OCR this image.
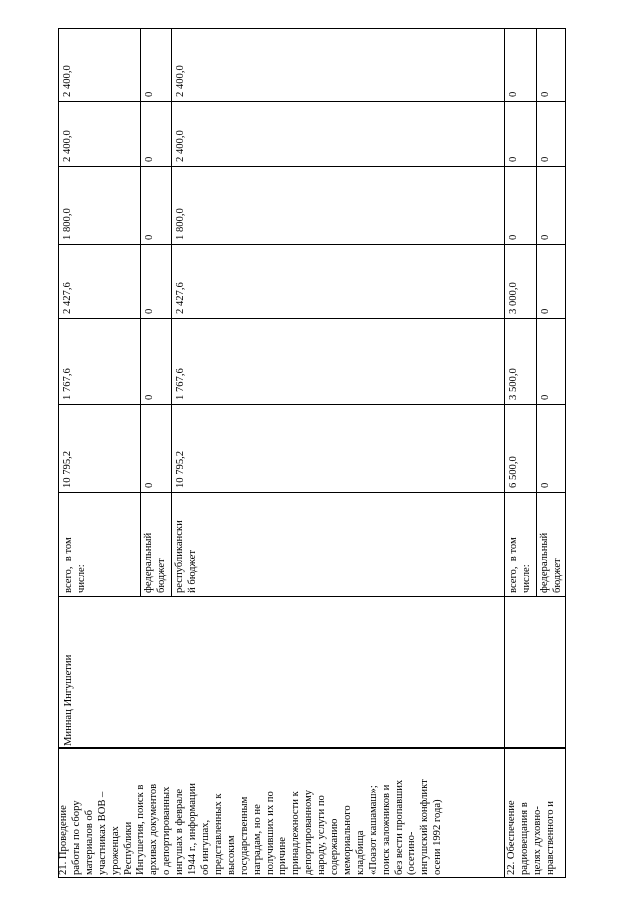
Миннац Ингушетии
всего,  в том
числе:	федеральный
бюджет республикански
й бюджет
10 795,2
1 767,6
2 427,6
1 800,0
2 400,0
2 400,0
0
0
0
0
0
0
10 795,2
1 767,6
2 427,6
1 800,0
2 400,0
2 400,0
всего,  в том
числе: федеральный
бюджет
6 500,0
3 500,0
3 000,0
0
0
0
0
0
0
0
0
0
21. Проведение
работы по сбору
материалов об
участниках ВОВ –
уроженцах
Республики
Ингушетия, поиск в
архивах документов
о депортированных
ингушах в феврале
1944 г., информации
об ингушах,
представленных к
высоким
государственным
наградам, но не
получивших их по
причине
принадлежности к
депортированному
народу, услуги по
содержанию
мемориального
кладбища
«Поазот кашамаш»;
поиск заложников и
без вести пропавших
(осетино-
ингушский конфликт
осени 1992 года)
22. Обеспечение
радиовещания в
целях духовно-
нравственного и
